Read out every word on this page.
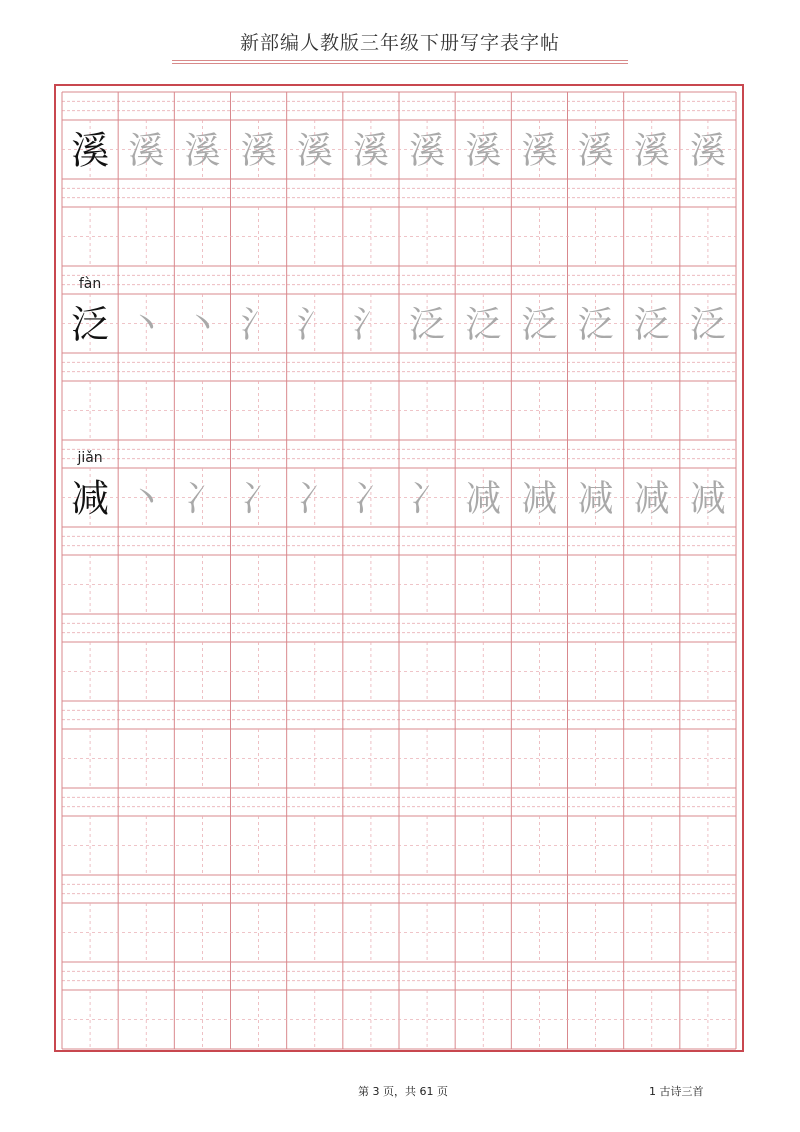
新部编人教版三年级下册写字表字帖
溪 溪 溪 溪 溪 溪 溪 溪 溪 溪 溪 溪
fàn
泛 丶 丶 氵 氵 氵 泛 泛 泛 泛 泛 泛
jiǎn
减 丶 冫 冫 冫 冫 冫 减 减 减 减 减
第 3 页，共 61 页	1 古诗三首
